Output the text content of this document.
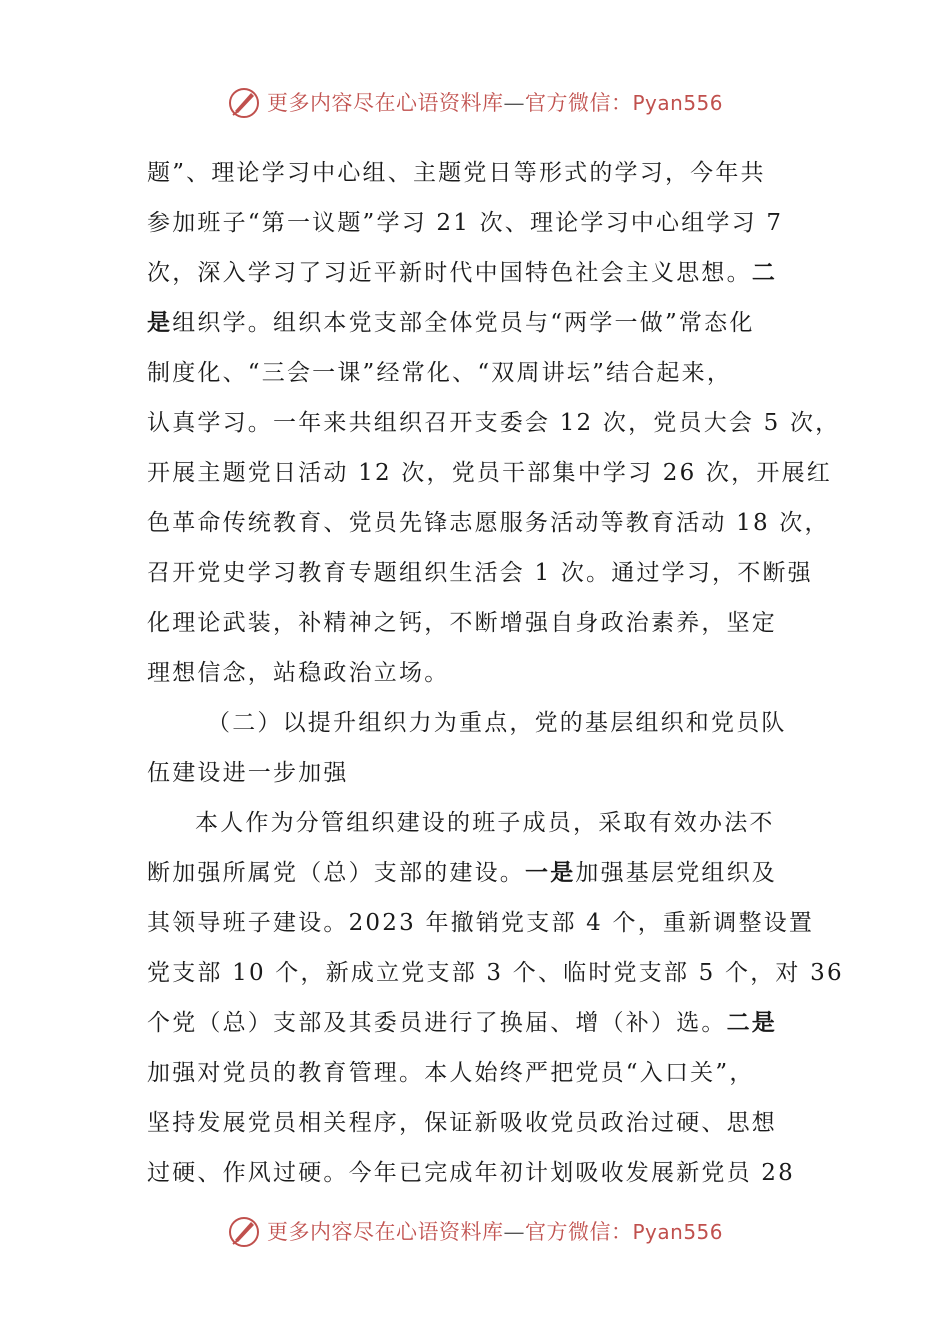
更多内容尽在心语资料库—官方微信：Pyan556
题”、理论学习中心组、主题党日等形式的学习，今年共
参加班子“第一议题”学习 21 次、理论学习中心组学习 7
次，深入学习了习近平新时代中国特色社会主义思想。二
是组织学。组织本党支部全体党员与“两学一做”常态化
制度化、“三会一课”经常化、“双周讲坛”结合起来，
认真学习。一年来共组织召开支委会 12 次，党员大会 5 次，
开展主题党日活动 12 次，党员干部集中学习 26 次，开展红
色革命传统教育、党员先锋志愿服务活动等教育活动 18 次，
召开党史学习教育专题组织生活会 1 次。通过学习，不断强
化理论武装，补精神之钙，不断增强自身政治素养，坚定
理想信念，站稳政治立场。
（二）以提升组织力为重点，党的基层组织和党员队
伍建设进一步加强
本人作为分管组织建设的班子成员，采取有效办法不
断加强所属党（总）支部的建设。一是加强基层党组织及
其领导班子建设。2023 年撤销党支部 4 个，重新调整设置
党支部 10 个，新成立党支部 3 个、临时党支部 5 个，对 36
个党（总）支部及其委员进行了换届、增（补）选。二是
加强对党员的教育管理。本人始终严把党员“入口关”，
坚持发展党员相关程序，保证新吸收党员政治过硬、思想
过硬、作风过硬。今年已完成年初计划吸收发展新党员 28
更多内容尽在心语资料库—官方微信：Pyan556
